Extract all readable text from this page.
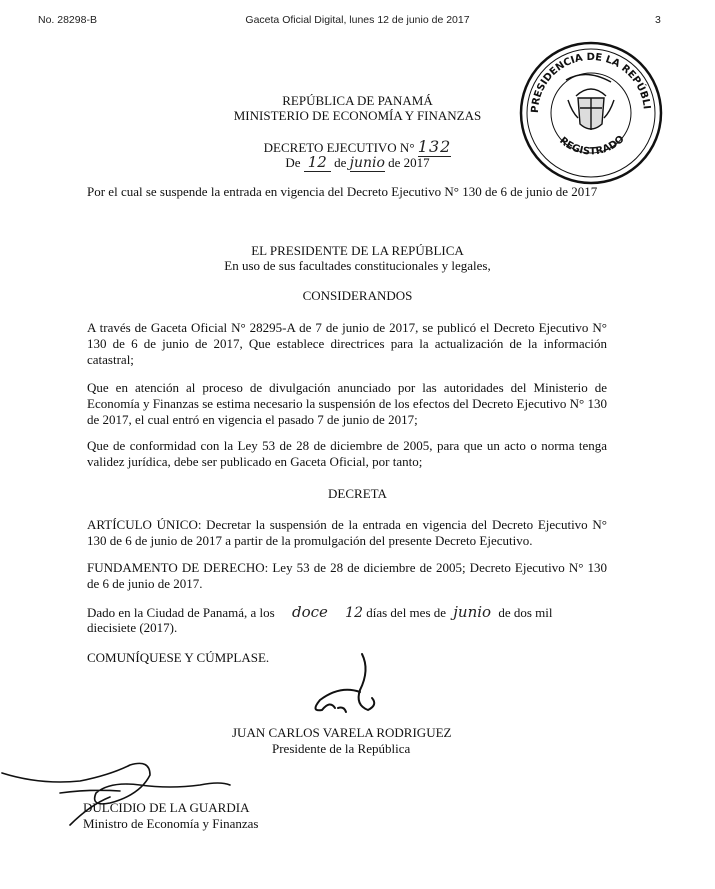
No. 28298-B	Gaceta Oficial Digital, lunes 12 de junio de 2017	3
PRESIDENCIA DE LA REPÚBLI
REGISTRADO
REPÚBLICA DE PANAMÁ
MINISTERIO DE ECONOMÍA Y FINANZAS
DECRETO EJECUTIVO N° 132
De 12 de junio de 2017
Por el cual se suspende la entrada en vigencia del Decreto Ejecutivo N° 130 de 6 de junio de 2017
EL PRESIDENTE DE LA REPÚBLICA
En uso de sus facultades constitucionales y legales,
CONSIDERANDOS
A través de Gaceta Oficial N° 28295-A de 7 de junio de 2017, se publicó el Decreto Ejecutivo N° 130 de 6 de junio de 2017, Que establece directrices para la actualización de la información catastral;
Que en atención al proceso de divulgación anunciado por las autoridades del Ministerio de Economía y Finanzas se estima necesario la suspensión de los efectos del Decreto Ejecutivo N° 130 de 2017, el cual entró en vigencia el pasado 7 de junio de 2017;
Que de conformidad con la Ley 53 de 28 de diciembre de 2005, para que un acto o norma tenga validez jurídica, debe ser publicado en Gaceta Oficial, por tanto;
DECRETA
ARTÍCULO ÚNICO: Decretar la suspensión de la entrada en vigencia del Decreto Ejecutivo N° 130 de 6 de junio de 2017 a partir de la promulgación del presente Decreto Ejecutivo.
FUNDAMENTO DE DERECHO: Ley 53 de 28 de diciembre de 2005; Decreto Ejecutivo N° 130 de 6 de junio de 2017.
Dado en la Ciudad de Panamá, a los doce 12 días del mes de junio de dos mil
diecisiete (2017).
COMUNÍQUESE Y CÚMPLASE.
JUAN CARLOS VARELA RODRIGUEZ
Presidente de la República
DULCIDIO DE LA GUARDIA
Ministro de Economía y Finanzas
